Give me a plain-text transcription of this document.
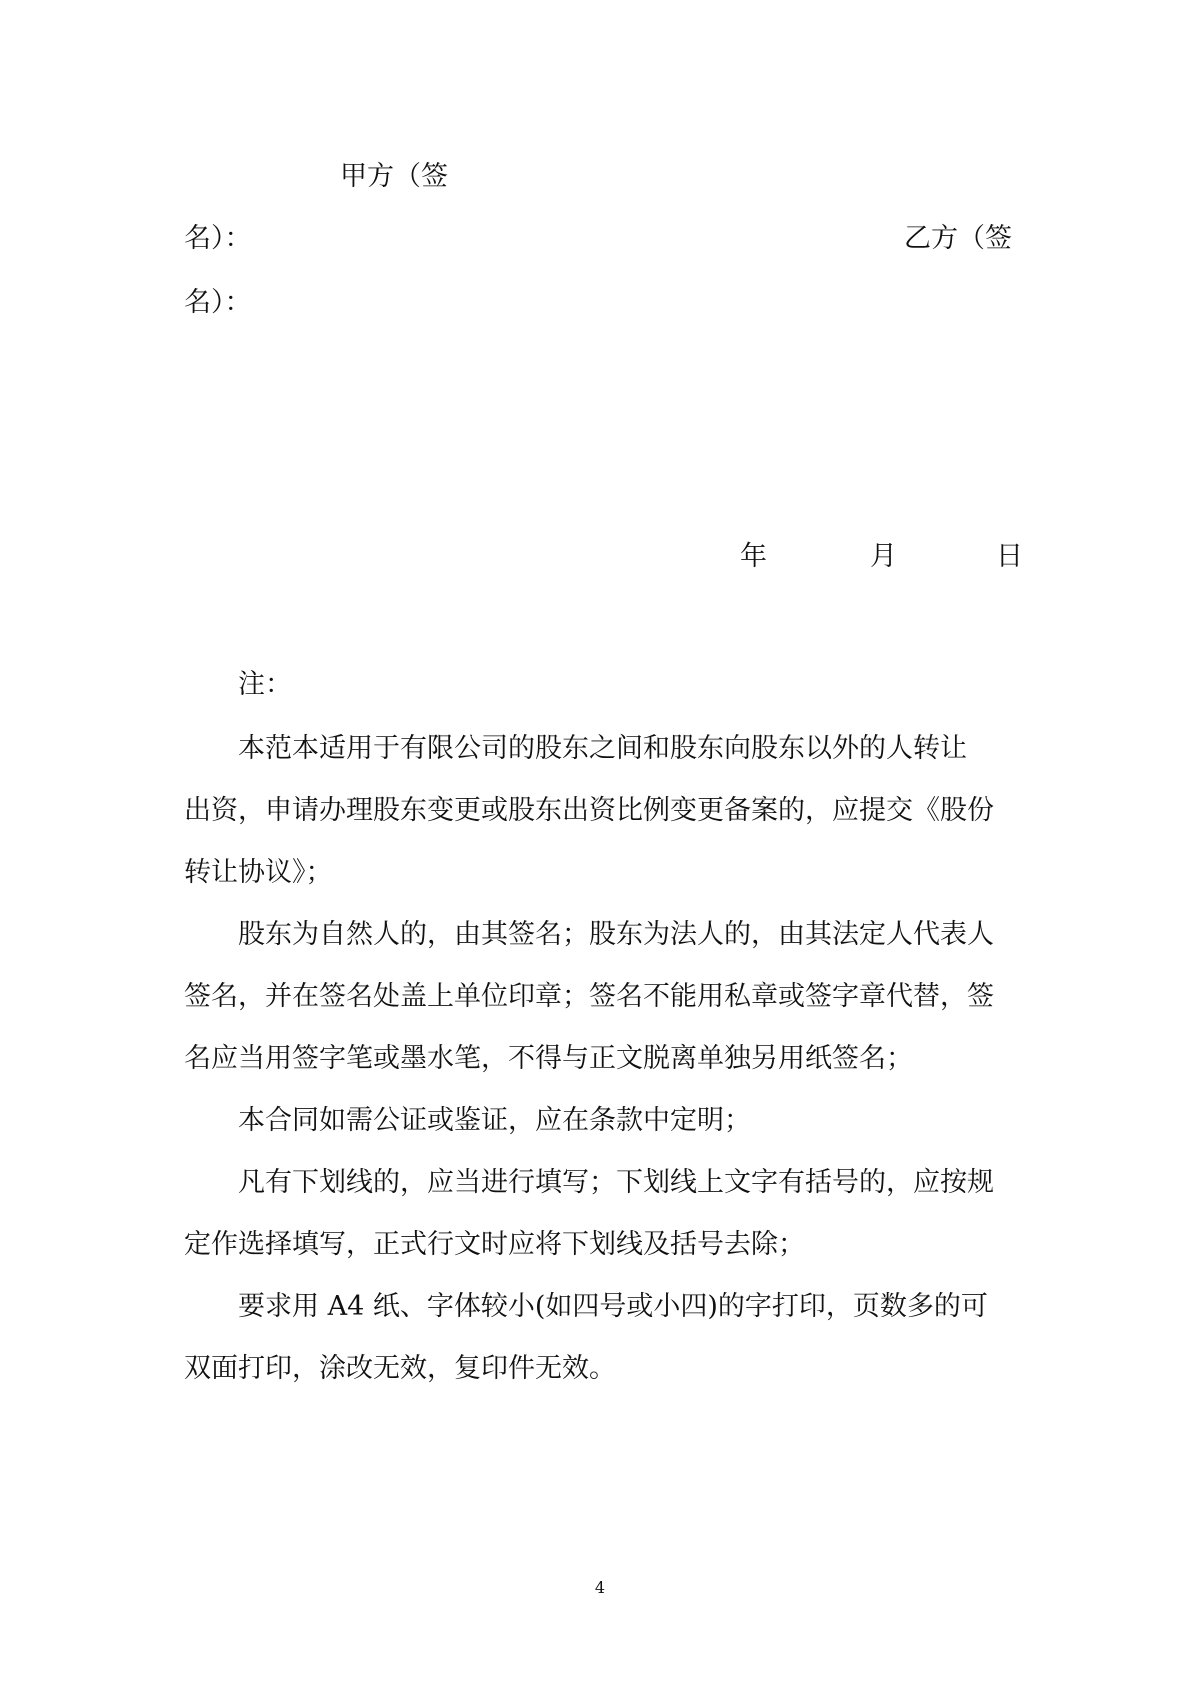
甲方（签
名）：	乙方（签
名）：
年	月	日
注：
本范本适用于有限公司的股东之间和股东向股东以外的人转让
出资，申请办理股东变更或股东出资比例变更备案的，应提交《股份
转让协议》；
股东为自然人的，由其签名；股东为法人的，由其法定人代表人
签名，并在签名处盖上单位印章；签名不能用私章或签字章代替，签
名应当用签字笔或墨水笔，不得与正文脱离单独另用纸签名；
本合同如需公证或鉴证，应在条款中定明；
凡有下划线的，应当进行填写；下划线上文字有括号的，应按规
定作选择填写，正式行文时应将下划线及括号去除；
要求用 A4 纸、字体较小(如四号或小四)的字打印，页数多的可
双面打印，涂改无效，复印件无效。
4
